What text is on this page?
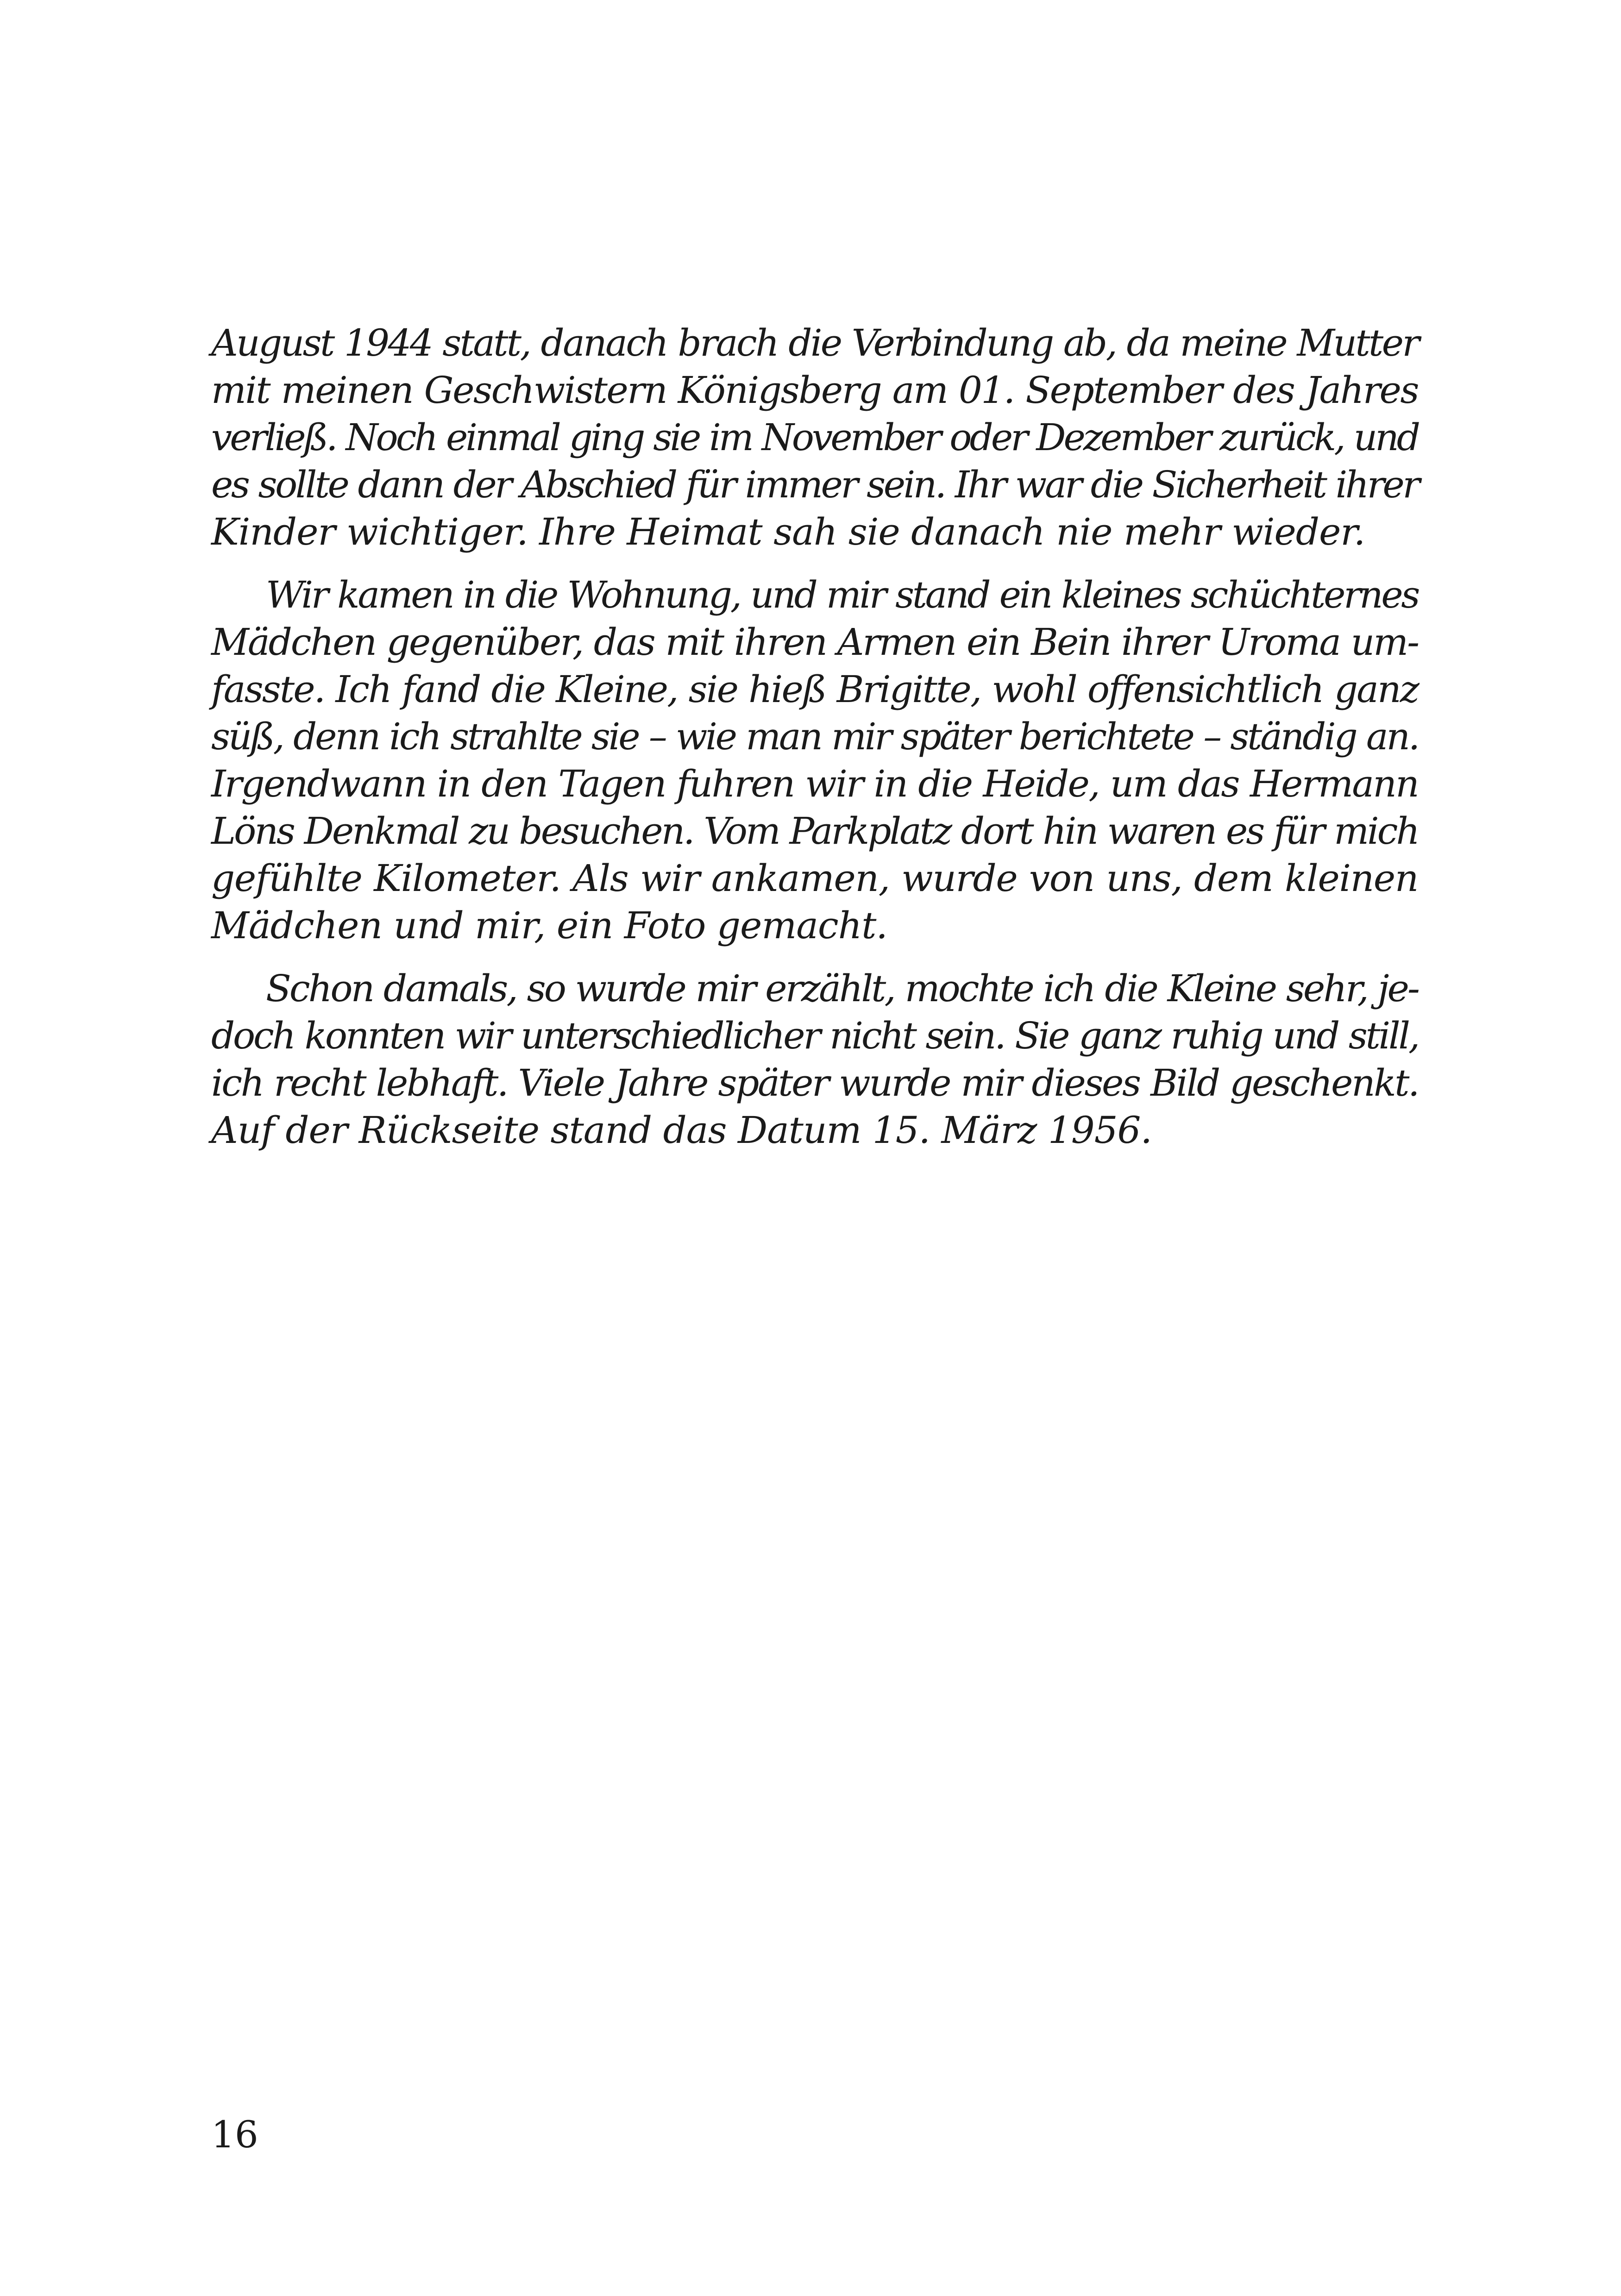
August 1944 statt, danach brach die Verbindung ab, da meine Mutter
mit meinen Geschwistern Königsberg am 01. September des Jahres
verließ. Noch einmal ging sie im November oder Dezember zurück, und
es sollte dann der Abschied für immer sein. Ihr war die Sicherheit ihrer
Kinder wichtiger. Ihre Heimat sah sie danach nie mehr wieder.
Wir kamen in die Wohnung, und mir stand ein kleines schüchternes
Mädchen gegenüber, das mit ihren Armen ein Bein ihrer Uroma um-
fasste. Ich fand die Kleine, sie hieß Brigitte, wohl offensichtlich ganz
süß, denn ich strahlte sie – wie man mir später berichtete – ständig an.
Irgendwann in den Tagen fuhren wir in die Heide, um das Hermann
Löns Denkmal zu besuchen. Vom Parkplatz dort hin waren es für mich
gefühlte Kilometer. Als wir ankamen, wurde von uns, dem kleinen
Mädchen und mir, ein Foto gemacht.
Schon damals, so wurde mir erzählt, mochte ich die Kleine sehr, je-
doch konnten wir unterschiedlicher nicht sein. Sie ganz ruhig und still,
ich recht lebhaft. Viele Jahre später wurde mir dieses Bild geschenkt.
Auf der Rückseite stand das Datum 15. März 1956.
16
